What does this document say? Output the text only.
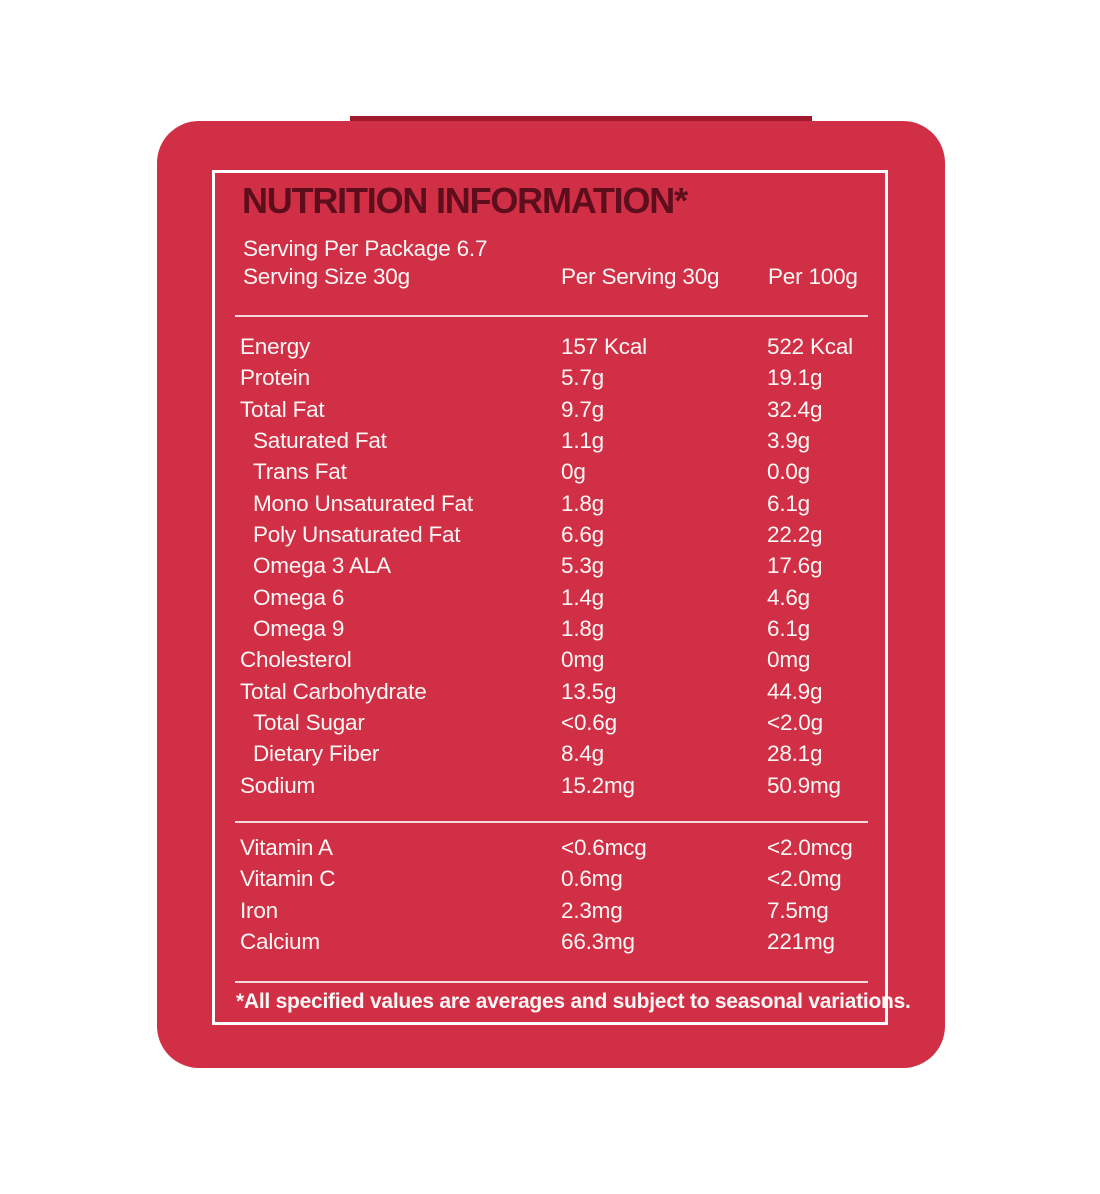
NUTRITION INFORMATION*
Serving Per Package 6.7
Serving Size 30g	Per Serving 30g Per 100g
Energy	157 Kcal	522 Kcal
Protein	5.7g	19.1g
Total Fat	9.7g	32.4g
Saturated Fat	1.1g	3.9g
Trans Fat	0g	0.0g
Mono Unsaturated Fat	1.8g	6.1g
Poly Unsaturated Fat	6.6g	22.2g
Omega 3 ALA	5.3g	17.6g
Omega 6	1.4g	4.6g
Omega 9	1.8g	6.1g
Cholesterol	0mg	0mg
Total Carbohydrate	13.5g	44.9g
Total Sugar	<0.6g	<2.0g
Dietary Fiber	8.4g	28.1g
Sodium	15.2mg	50.9mg
Vitamin A	<0.6mcg	<2.0mcg
Vitamin C	0.6mg	<2.0mg
Iron	2.3mg	7.5mg
Calcium	66.3mg	221mg
*All specified values are averages and subject to seasonal variations.
